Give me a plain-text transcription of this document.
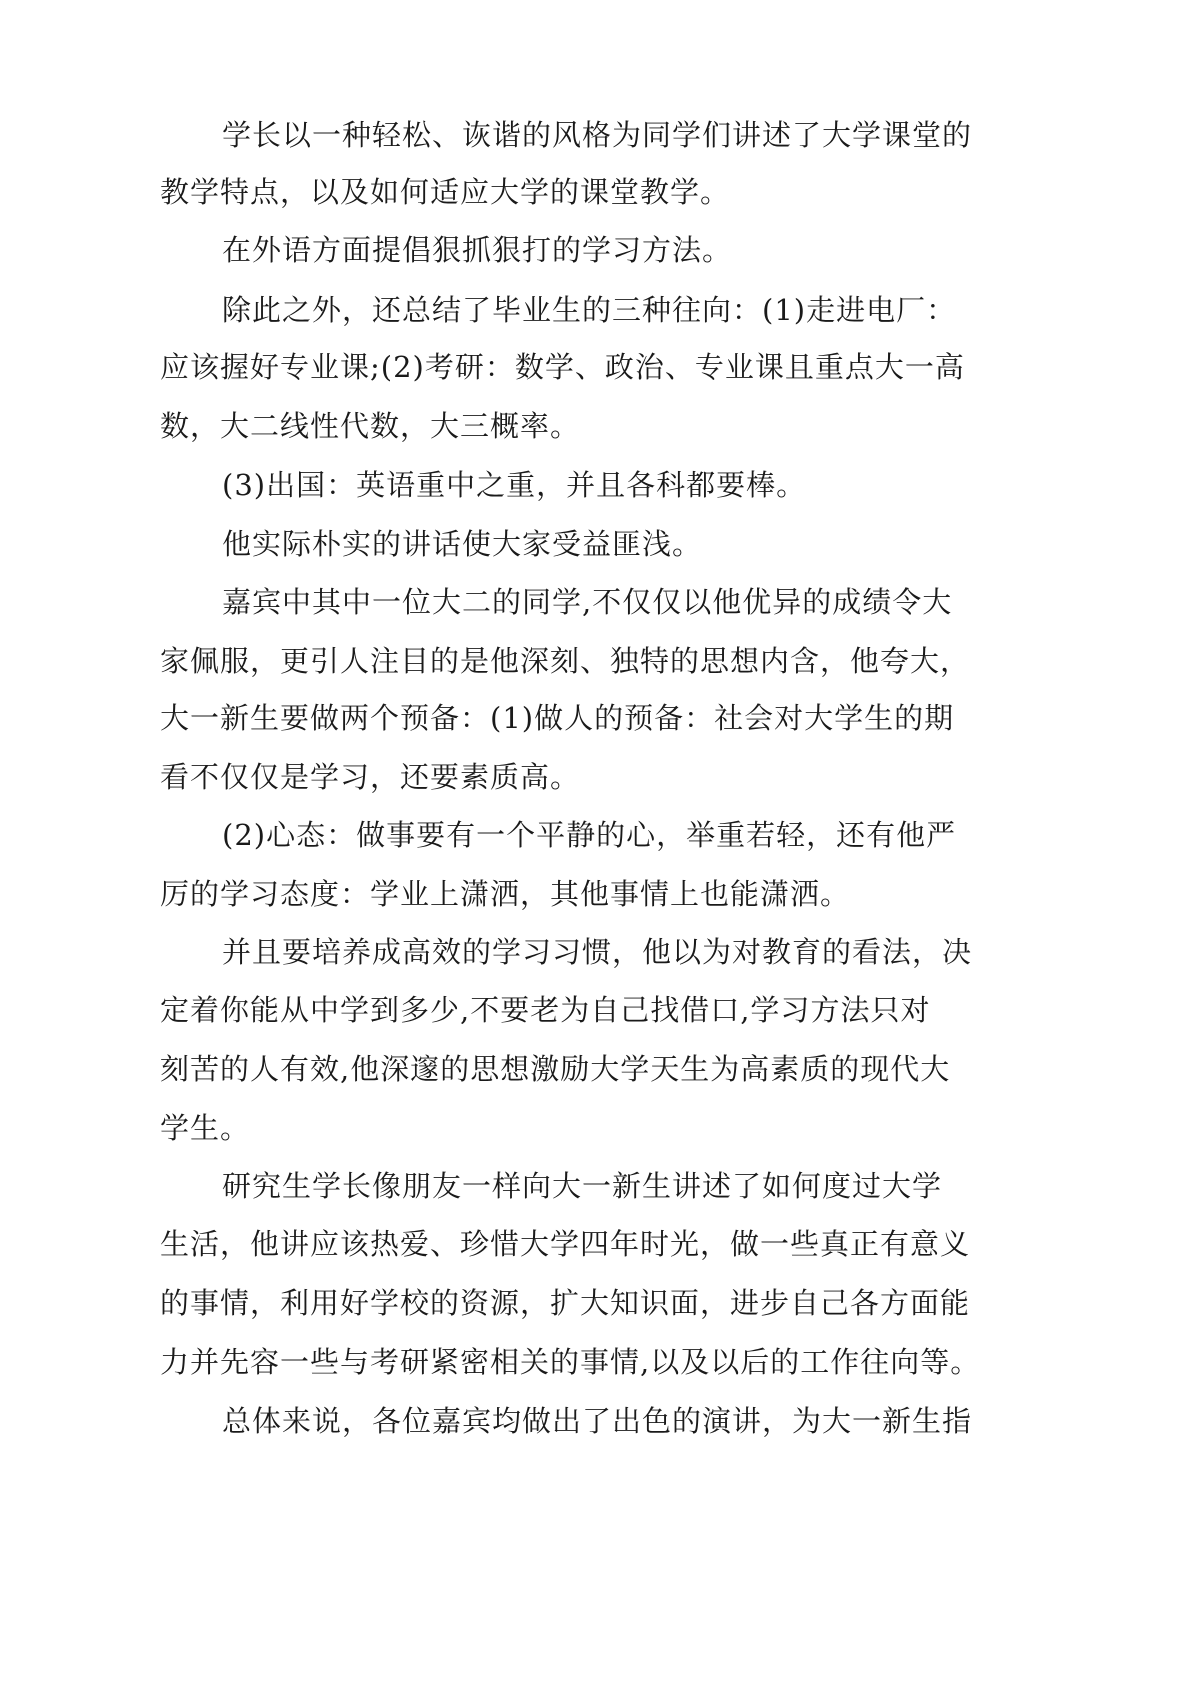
学长以一种轻松、诙谐的风格为同学们讲述了大学课堂的
教学特点，以及如何适应大学的课堂教学。
在外语方面提倡狠抓狠打的学习方法。
除此之外，还总结了毕业生的三种往向：(1)走进电厂：
应该握好专业课;(2)考研：数学、政治、专业课且重点大一高
数，大二线性代数，大三概率。
(3)出国：英语重中之重，并且各科都要棒。
他实际朴实的讲话使大家受益匪浅。
嘉宾中其中一位大二的同学,不仅仅以他优异的成绩令大
家佩服，更引人注目的是他深刻、独特的思想内含，他夸大，
大一新生要做两个预备：(1)做人的预备：社会对大学生的期
看不仅仅是学习，还要素质高。
(2)心态：做事要有一个平静的心，举重若轻，还有他严
厉的学习态度：学业上潇洒，其他事情上也能潇洒。
并且要培养成高效的学习习惯，他以为对教育的看法，决
定着你能从中学到多少,不要老为自己找借口,学习方法只对
刻苦的人有效,他深邃的思想激励大学天生为高素质的现代大
学生。
研究生学长像朋友一样向大一新生讲述了如何度过大学
生活，他讲应该热爱、珍惜大学四年时光，做一些真正有意义
的事情，利用好学校的资源，扩大知识面，进步自己各方面能
力并先容一些与考研紧密相关的事情,以及以后的工作往向等。
总体来说，各位嘉宾均做出了出色的演讲，为大一新生指
